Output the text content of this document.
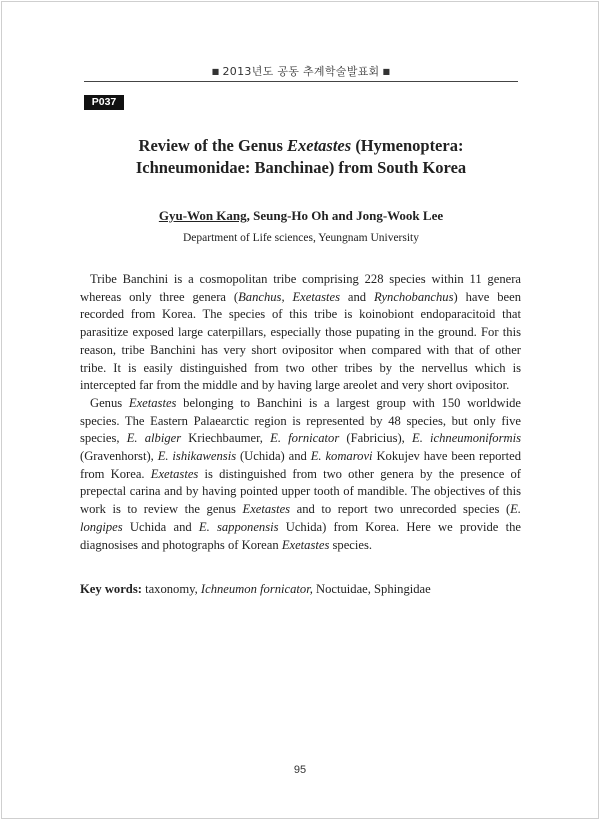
■ 2013년도 공동 추계학술발표회 ■
P037
Review of the Genus Exetastes (Hymenoptera: Ichneumonidae: Banchinae) from South Korea
Gyu-Won Kang, Seung-Ho Oh and Jong-Wook Lee
Department of Life sciences, Yeungnam University

Tribe Banchini is a cosmopolitan tribe comprising 228 species within 11 genera whereas only three genera (Banchus, Exetastes and Rynchobanchus) have been recorded from Korea. The species of this tribe is koinobiont endoparacitoid that parasitize exposed large caterpillars, especially those pupating in the ground. For this reason, tribe Banchini has very short ovipositor when compared with that of other tribe. It is easily distinguished from two other tribes by the nervellus which is intercepted far from the middle and by having large areolet and very short ovipositor.

Genus Exetastes belonging to Banchini is a largest group with 150 worldwide species. The Eastern Palaearctic region is represented by 48 species, but only five species, E. albiger Kriechbaumer, E. fornicator (Fabricius), E. ichneumoniformis (Gravenhorst), E. ishikawensis (Uchida) and E. komarovi Kokujev have been reported from Korea. Exetastes is distinguished from two other genera by the presence of prepectal carina and by having pointed upper tooth of mandible. The objectives of this work is to review the genus Exetastes and to report two unrecorded species (E. longipes Uchida and E. sapponensis Uchida) from Korea. Here we provide the diagnosises and photographs of Korean Exetastes species.

Key words: taxonomy, Ichneumon fornicator, Noctuidae, Sphingidae
95
